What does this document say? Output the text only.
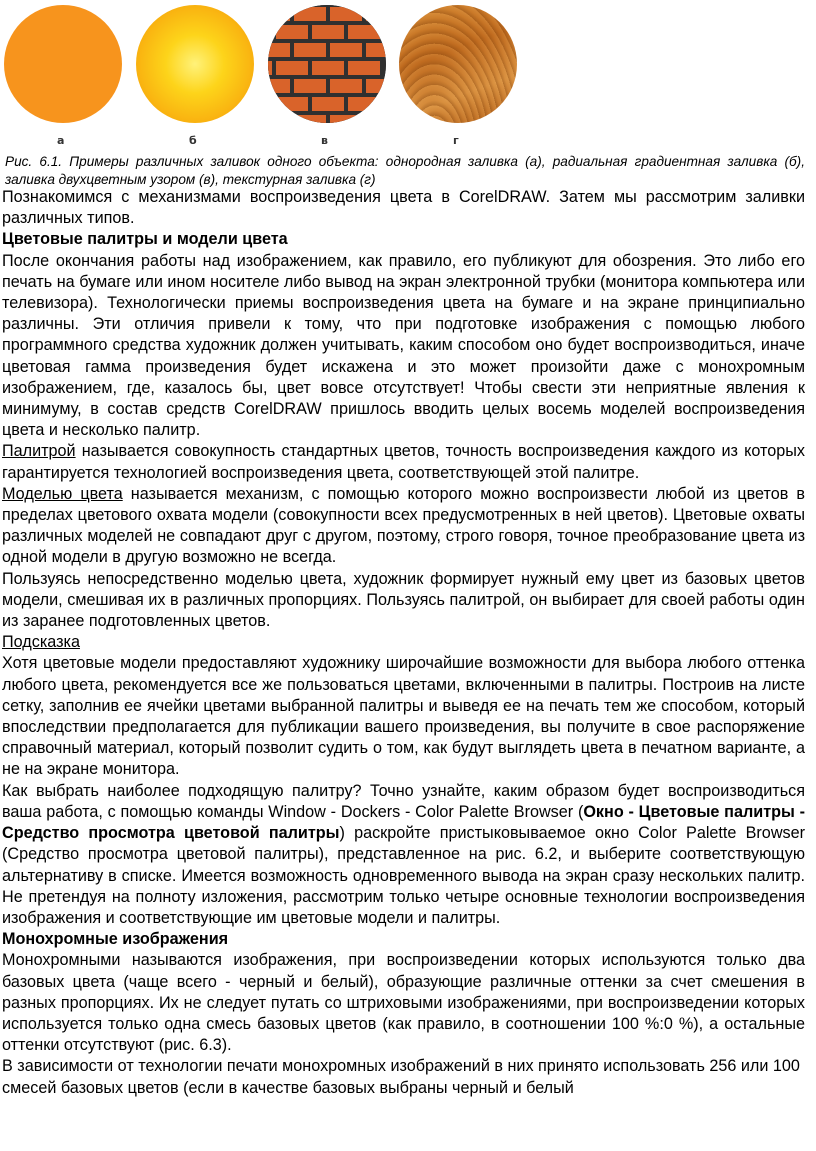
а	б	в	г
Рис. 6.1. Примеры различных заливок одного объекта: однородная заливка (а), радиальная градиентная заливка (б), заливка двухцветным узором (в), текстурная заливка (г)

Познакомимся с механизмами воспроизведения цвета в CorelDRAW. Затем мы рассмотрим заливки различных типов.

Цветовые палитры и модели цвета

После окончания работы над изображением, как правило, его публикуют для обозрения. Это либо его печать на бумаге или ином носителе либо вывод на экран электронной трубки (монитора компьютера или телевизора). Технологически приемы воспроизведения цвета на бумаге и на экране принципиально различны. Эти отличия привели к тому, что при подготовке изображения с помощью любого программного средства художник должен учитывать, каким способом оно будет воспроизводиться, иначе цветовая гамма произведения будет искажена и это может произойти даже с монохромным изображением, где, казалось бы, цвет вовсе отсутствует! Чтобы свести эти неприятные явления к минимуму, в состав средств CorelDRAW пришлось вводить целых восемь моделей воспроизведения цвета и несколько палитр.

Палитрой называется совокупность стандартных цветов, точность воспроизведения каждого из которых гарантируется технологией воспроизведения цвета, соответствующей этой палитре.

Моделью цвета называется механизм, с помощью которого можно воспроизвести любой из цветов в пределах цветового охвата модели (совокупности всех предусмотренных в ней цветов). Цветовые охваты различных моделей не совпадают друг с другом, поэтому, строго говоря, точное преобразование цвета из одной модели в другую возможно не всегда.

Пользуясь непосредственно моделью цвета, художник формирует нужный ему цвет из базовых цветов модели, смешивая их в различных пропорциях. Пользуясь палитрой, он выбирает для своей работы один из заранее подготовленных цветов.

Подсказка

Хотя цветовые модели предоставляют художнику широчайшие возможности для выбора любого оттенка любого цвета, рекомендуется все же пользоваться цветами, включенными в палитры. Построив на листе сетку, заполнив ее ячейки цветами выбранной палитры и выведя ее на печать тем же способом, который впоследствии предполагается для публикации вашего произведения, вы получите в свое распоряжение справочный материал, который позволит судить о том, как будут выглядеть цвета в печатном варианте, а не на экране монитора.

Как выбрать наиболее подходящую палитру? Точно узнайте, каким образом будет воспроизводиться ваша работа, с помощью команды Window - Dockers - Color Palette Browser (Окно - Цветовые палитры - Средство просмотра цветовой палитры) раскройте пристыковываемое окно Color Palette Browser (Средство просмотра цветовой палитры), представленное на рис. 6.2, и выберите соответствующую альтернативу в списке. Имеется возможность одновременного вывода на экран сразу нескольких палитр. Не претендуя на полноту изложения, рассмотрим только четыре основные технологии воспроизведения изображения и соответствующие им цветовые модели и палитры.

Монохромные изображения

Монохромными называются изображения, при воспроизведении которых используются только два базовых цвета (чаще всего - черный и белый), образующие различные оттенки за счет смешения в разных пропорциях. Их не следует путать со штриховыми изображениями, при воспроизведении которых используется только одна смесь базовых цветов (как правило, в соотношении 100 %:0 %), а остальные оттенки отсутствуют (рис. 6.3).

В зависимости от технологии печати монохромных изображений в них принято использовать 256 или 100 смесей базовых цветов (если в качестве базовых выбраны черный и белый
